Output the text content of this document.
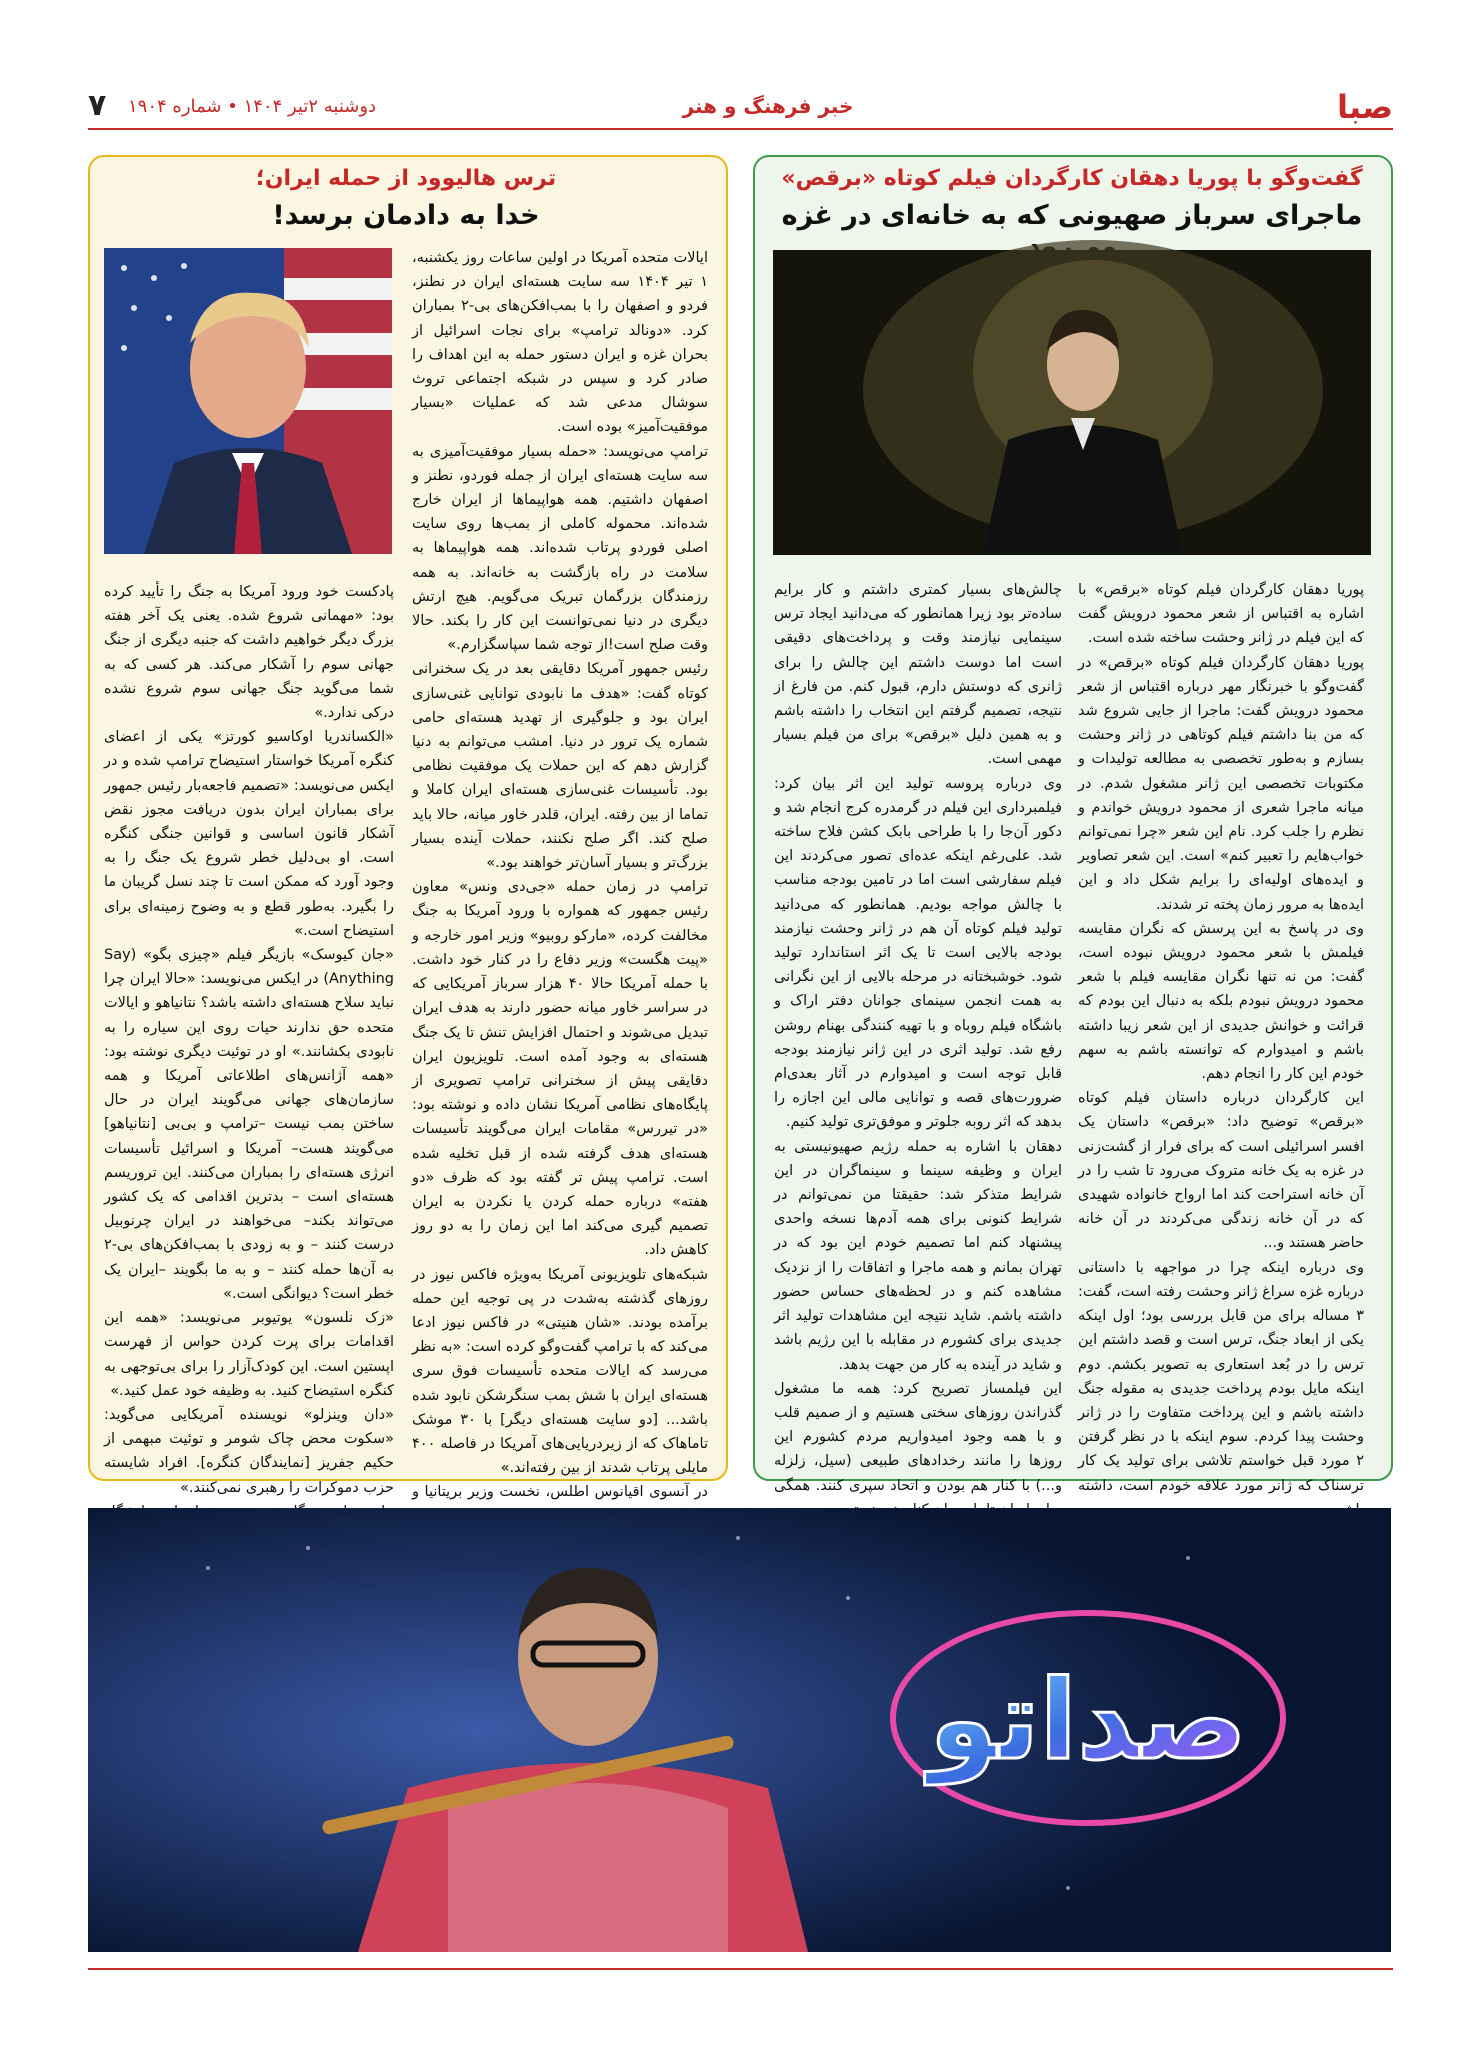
صبا
خبر فرهنگ و هنر
دوشنبه ۲تیر ۱۴۰۴ • شماره ۱۹۰۴
۷
ترس هالیوود از حمله ایران؛
خدا به دادمان برسد!

ایالات متحده آمریکا در اولین ساعات روز یکشنبه، ۱ تیر ۱۴۰۴ سه سایت هسته‌ای ایران در نطنز، فردو و اصفهان را با بمب‌افکن‌های بی-۲ بمباران کرد. «دونالد ترامپ» برای نجات اسرائیل از بحران غزه و ایران دستور حمله به این اهداف را صادر کرد و سپس در شبکه اجتماعی تروث سوشال مدعی شد که عملیات «بسیار موفقیت‌آمیز» بوده است.

ترامپ می‌نویسد: «حمله بسیار موفقیت‌آمیزی به سه سایت هسته‌ای ایران از جمله فوردو، نطنز و اصفهان داشتیم. همه هواپیماها از ایران خارج شده‌اند. محموله کاملی از بمب‌ها روی سایت اصلی فوردو پرتاب شده‌اند. همه هواپیماها به سلامت در راه بازگشت به خانه‌اند. به همه رزمندگان بزرگمان تبریک می‌گویم. هیچ ارتش دیگری در دنیا نمی‌توانست این کار را بکند. حالا وقت صلح است!از توجه شما سپاسگزارم.»

رئیس جمهور آمریکا دقایقی بعد در یک سخنرانی کوتاه گفت: «هدف ما نابودی توانایی غنی‌سازی ایران بود و جلوگیری از تهدید هسته‌ای حامی شماره یک ترور در دنیا. امشب می‌توانم به دنیا گزارش دهم که این حملات یک موفقیت نظامی بود. تأسیسات غنی‌سازی هسته‌ای ایران کاملا و تماما از بین رفته. ایران، قلدر خاور میانه، حالا باید صلح کند. اگر صلح نکنند، حملات آینده بسیار بزرگ‌تر و بسیار آسان‌تر خواهند بود.»

ترامپ در زمان حمله «جی‌دی ونس» معاون رئیس جمهور که همواره با ورود آمریکا به جنگ مخالفت کرده، «مارکو روبیو» وزیر امور خارجه و «پیت هگست» وزیر دفاع را در کنار خود داشت. با حمله آمریکا حالا ۴۰ هزار سرباز آمریکایی که در سراسر خاور میانه حضور دارند به هدف ایران تبدیل می‌شوند و احتمال افزایش تنش تا یک جنگ هسته‌ای به وجود آمده است. تلویزیون ایران دقایقی پیش از سخنرانی ترامپ تصویری از پایگاه‌های نظامی آمریکا نشان داده و نوشته بود: «در تیررس» مقامات ایران می‌گویند تأسیسات هسته‌ای هدف گرفته شده از قبل تخلیه شده است. ترامپ پیش تر گفته بود که ظرف «دو هفته» درباره حمله کردن یا نکردن به ایران تصمیم گیری می‌کند اما این زمان را به دو روز کاهش داد.

شبکه‌های تلویزیونی آمریکا به‌ویژه فاکس نیوز در روزهای گذشته به‌شدت در پی توجیه این حمله برآمده بودند. «شان هنیتی» در فاکس نیوز ادعا می‌کند که با ترامپ گفت‌وگو کرده است: «به نظر می‌رسد که ایالات متحده تأسیسات فوق سری هسته‌ای ایران با شش بمب سنگرشکن نابود شده باشد... [دو سایت هسته‌ای دیگر] با ۳۰ موشک تاماهاک که از زیردریایی‌های آمریکا در فاصله ۴۰۰ مایلی پرتاب شدند از بین رفته‌اند.»

در آنسوی اقیانوس اطلس، نخست وزیر بریتانیا و

پادکست خود ورود آمریکا به جنگ را تأیید کرده بود: «مهمانی شروع شده. یعنی یک آخر هفته بزرگ دیگر خواهیم داشت که جنبه دیگری از جنگ جهانی سوم را آشکار می‌کند. هر کسی که به شما می‌گوید جنگ جهانی سوم شروع نشده درکی ندارد.»

«الکساندریا اوکاسیو کورتز» یکی از اعضای کنگره آمریکا خواستار استیضاح ترامپ شده و در ایکس می‌نویسد: «تصمیم فاجعه‌بار رئیس جمهور برای بمباران ایران بدون دریافت مجوز نقض آشکار قانون اساسی و قوانین جنگی کنگره است. او بی‌دلیل خطر شروع یک جنگ را به وجود آورد که ممکن است تا چند نسل گریبان ما را بگیرد. به‌طور قطع و به وضوح زمینه‌ای برای استیضاح است.»

«جان کیوسک» بازیگر فیلم «چیزی بگو» (Say Anything) در ایکس می‌نویسد: «حالا ایران چرا نباید سلاح هسته‌ای داشته باشد؟ نتانیاهو و ایالات متحده حق ندارند حیات روی این سیاره را به نابودی بکشانند.» او در توئیت دیگری نوشته بود: «همه آژانس‌های اطلاعاتی آمریکا و همه سازمان‌های جهانی می‌گویند ایران در حال ساختن بمب نیست –ترامپ و بی‌بی [نتانیاهو] می‌گویند هست– آمریکا و اسرائیل تأسیسات انرژی هسته‌ای را بمباران می‌کنند. این تروریسم هسته‌ای است – بدترین اقدامی که یک کشور می‌تواند بکند– می‌خواهند در ایران چرنوبیل درست کنند – و به زودی با بمب‌افکن‌های بی-۲ به آن‌ها حمله کنند – و به ما بگویند –ایران یک خطر است؟ دیوانگی است.»

«زک نلسون» یوتیوبر می‌نویسد: «همه این اقدامات برای پرت کردن حواس از فهرست اپستین است. این کودک‌آزار را برای بی‌توجهی به کنگره استیضاح کنید. به وظیفه خود عمل کنید.»

«دان وینزلو» نویسنده آمریکایی می‌گوید: «سکوت محض چاک شومر و توئیت مبهمی از حکیم جفریز [نمایندگان کنگره]. افراد شایسته حزب دموکرات را رهبری نمی‌کنند.»

گفت‌وگو با پوریا دهقان کارگردان فیلم کوتاه «برقص»
ماجرای سرباز صهیونی که به خانه‌ای در غزه

پوریا دهقان کارگردان فیلم کوتاه «برقص» با اشاره به اقتباس از شعر محمود درویش گفت که این فیلم در ژانر وحشت ساخته شده است.

پوریا دهقان کارگردان فیلم کوتاه «برقص» در گفت‌وگو با خبرنگار مهر درباره اقتباس از شعر محمود درویش گفت: ماجرا از جایی شروع شد که من بنا داشتم فیلم کوتاهی در ژانر وحشت بسازم و به‌طور تخصصی به مطالعه تولیدات و مکتوبات تخصصی این ژانر مشغول شدم. در میانه ماجرا شعری از محمود درویش خواندم و نظرم را جلب کرد. نام این شعر «چرا نمی‌توانم خواب‌هایم را تعبیر کنم» است. این شعر تصاویر و ایده‌های اولیه‌ای را برایم شکل داد و این ایده‌ها به مرور زمان پخته تر شدند.

وی در پاسخ به این پرسش که نگران مقایسه فیلمش با شعر محمود درویش نبوده است، گفت: من نه تنها نگران مقایسه فیلم با شعر محمود درویش نبودم بلکه به دنبال این بودم که قرائت و خوانش جدیدی از این شعر زیبا داشته باشم و امیدوارم که توانسته باشم به سهم خودم این کار را انجام دهم.

این کارگردان درباره داستان فیلم کوتاه «برقص» توضیح داد: «برقص» داستان یک افسر اسرائیلی است که برای فرار از گشت‌زنی در غزه به یک خانه متروک می‌رود تا شب را در آن خانه استراحت کند اما ارواح خانواده شهیدی که در آن خانه زندگی می‌کردند در آن خانه حاضر هستند و...

وی درباره اینکه چرا در مواجهه با داستانی درباره غزه سراغ ژانر وحشت رفته است، گفت: ۳ مساله برای من قابل بررسی بود؛ اول اینکه یکی از ابعاد جنگ، ترس است و قصد داشتم این ترس را در بُعد استعاری به تصویر بکشم. دوم اینکه مایل بودم پرداخت جدیدی به مقوله جنگ داشته باشم و این پرداخت متفاوت را در ژانر وحشت پیدا کردم. سوم اینکه با در نظر گرفتن ۲ مورد قبل خواستم تلاشی برای تولید یک کار ترسناک که ژانر مورد علاقه خودم است، داشته

چالش‌های بسیار کمتری داشتم و کار برایم ساده‌تر بود زیرا همانطور که می‌دانید ایجاد ترس سینمایی نیازمند وقت و پرداخت‌های دقیقی است اما دوست داشتم این چالش را برای ژانری که دوستش دارم، قبول کنم. من فارغ از نتیجه، تصمیم گرفتم این انتخاب را داشته باشم و به همین دلیل «برقص» برای من فیلم بسیار مهمی است.

وی درباره پروسه تولید این اثر بیان کرد: فیلمبرداری این فیلم در گرمدره کرج انجام شد و دکور آن‌جا را با طراحی بابک کشن فلاح ساخته شد. علی‌رغم اینکه عده‌ای تصور می‌کردند این فیلم سفارشی است اما در تامین بودجه مناسب با چالش مواجه بودیم. همانطور که می‌دانید تولید فیلم کوتاه آن هم در ژانر وحشت نیازمند بودجه بالایی است تا یک اثر استاندارد تولید شود. خوشبختانه در مرحله بالایی از این نگرانی به همت انجمن سینمای جوانان دفتر اراک و باشگاه فیلم روباه و با تهیه کنندگی بهنام روشن رفع شد. تولید اثری در این ژانر نیازمند بودجه قابل توجه است و امیدوارم در آثار بعدی‌ام ضرورت‌های قصه و توانایی مالی این اجازه را بدهد که اثر روبه جلوتر و موفق‌تری تولید کنیم.

دهقان با اشاره به حمله رژیم صهیونیستی به ایران و وظیفه سینما و سینماگران در این شرایط متذکر شد: حقیقتا من نمی‌توانم در شرایط کنونی برای همه آدم‌ها نسخه واحدی پیشنهاد کنم اما تصمیم خودم این بود که در تهران بمانم و همه ماجرا و اتفاقات را از نزدیک مشاهده کنم و در لحظه‌های حساس حضور داشته باشم. شاید نتیجه این مشاهدات تولید اثر جدیدی برای کشورم در مقابله با این رژیم باشد و شاید در آینده به کار من جهت بدهد.

این فیلمساز تصریح کرد: همه ما مشغول گذراندن روزهای سختی هستیم و از صمیم قلب و با همه وجود امیدواریم مردم کشورم این روزها را مانند رخدادهای طبیعی (سیل، زلزله و...) با کنار هم بودن و اتحاد سپری کنند. همگی

صداتو
